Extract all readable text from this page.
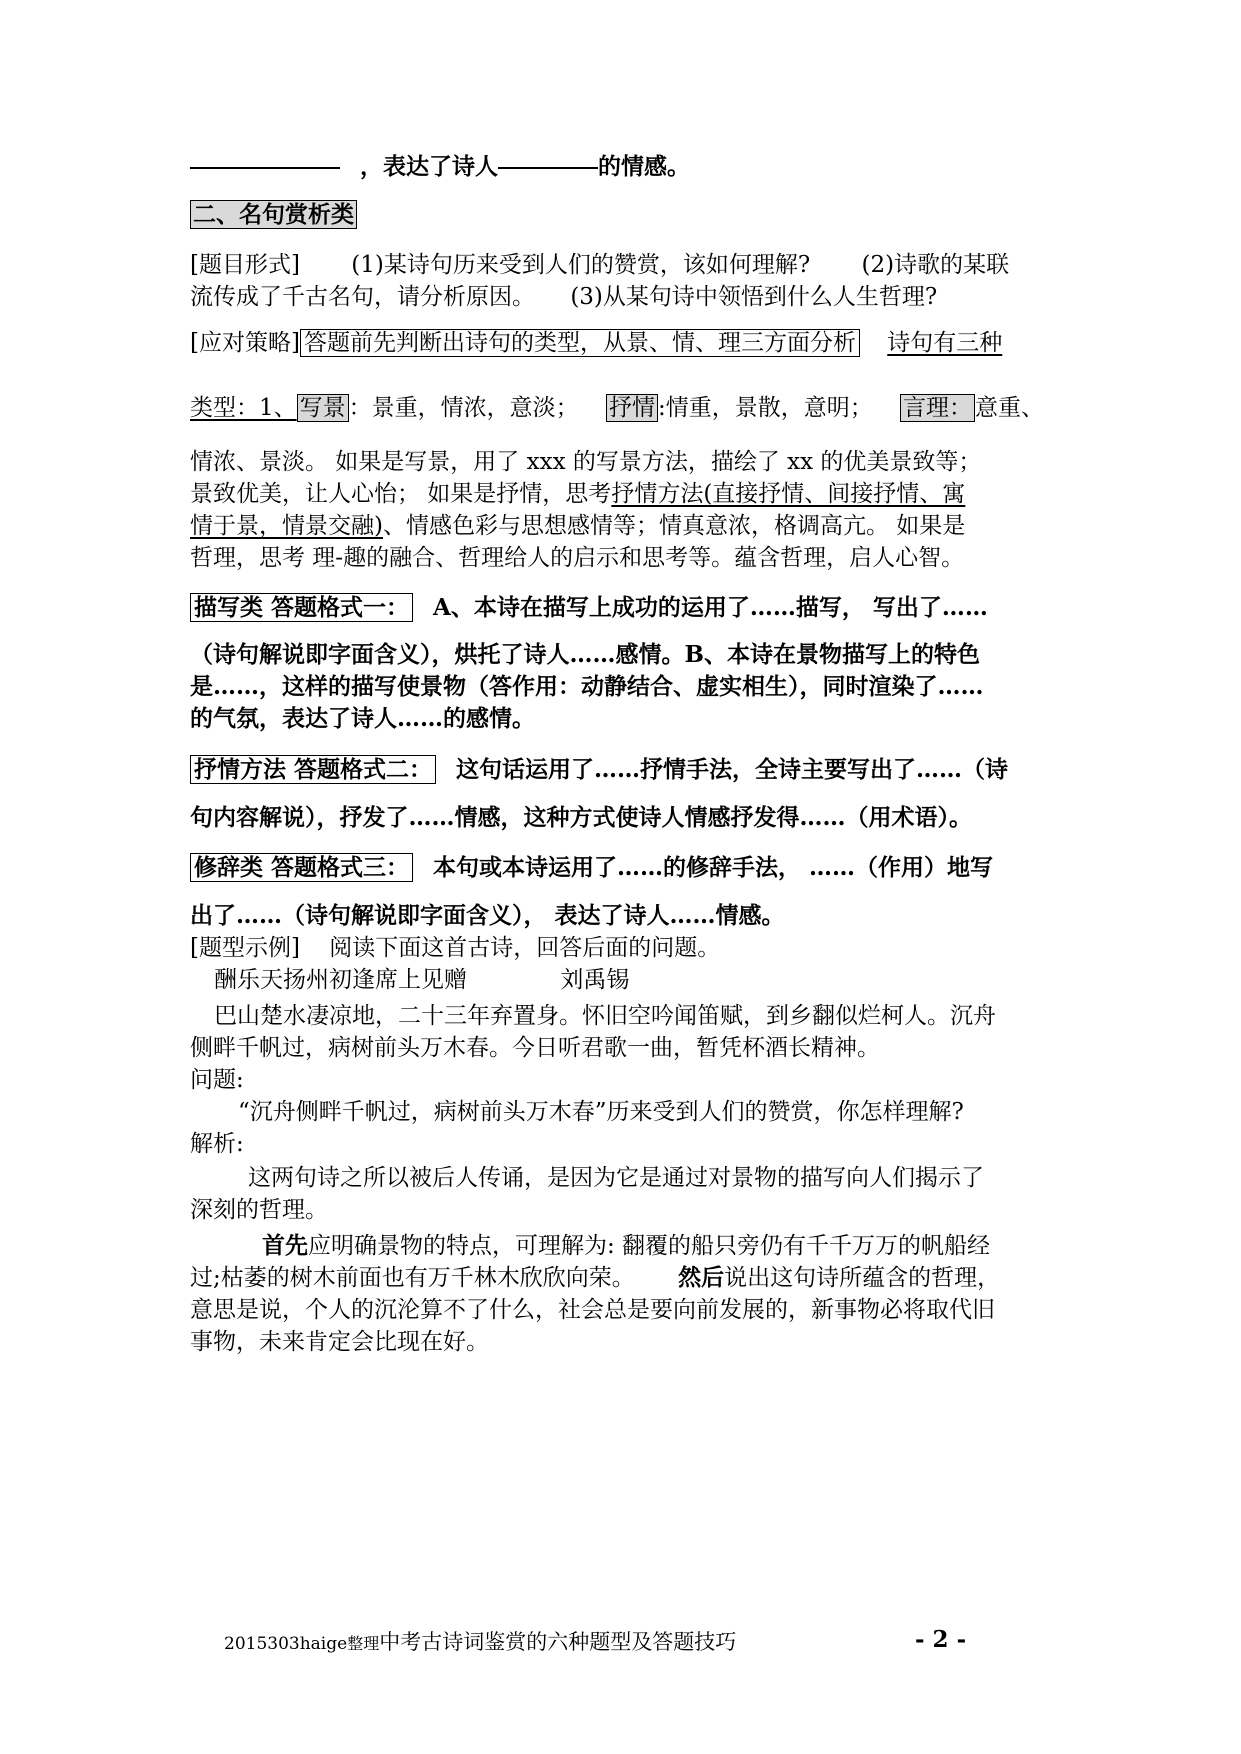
，表达了诗人	的情感。
二、名句赏析类
[题目形式] (1)某诗句历来受到人们的赞赏，该如何理解? (2)诗歌的某联
流传成了千古名句，请分析原因。 (3)从某句诗中领悟到什么人生哲理?
[应对策略] 答题前先判断出诗句的类型，从景、情、理三方面分析 诗句有三种
类型：1、 写景 ：景重，情浓，意淡； 抒情 :情重，景散，意明； 言理： 意重、
情浓、景淡。 如果是写景，用了 xxx 的写景方法，描绘了 xx 的优美景致等；
景致优美，让人心怡； 如果是抒情，思考抒情方法(直接抒情、间接抒情、寓
情于景，情景交融)、情感色彩与思想感情等；情真意浓，格调高亢。 如果是
哲理，思考 理-趣的融合、哲理给人的启示和思考等。蕴含哲理，启人心智。
描写类 答题格式一： A、本诗在描写上成功的运用了……描写， 写出了……
（诗句解说即字面含义），烘托了诗人……感情。B、本诗在景物描写上的特色
是……，这样的描写使景物（答作用：动静结合、虚实相生），同时渲染了……
的气氛，表达了诗人……的感情。
抒情方法 答题格式二： 这句话运用了……抒情手法，全诗主要写出了……（诗
句内容解说），抒发了……情感，这种方式使诗人情感抒发得……（用术语）。
修辞类 答题格式三： 本句或本诗运用了……的修辞手法， ……（作用）地写
出了……（诗句解说即字面含义）， 表达了诗人……情感。
[题型示例] 阅读下面这首古诗，回答后面的问题。
酬乐天扬州初逢席上见赠	刘禹锡
巴山楚水凄凉地，二十三年弃置身。怀旧空吟闻笛赋，到乡翻似烂柯人。沉舟
侧畔千帆过，病树前头万木春。今日听君歌一曲，暂凭杯酒长精神。
问题:
“沉舟侧畔千帆过，病树前头万木春”历来受到人们的赞赏，你怎样理解?
解析:
这两句诗之所以被后人传诵，是因为它是通过对景物的描写向人们揭示了
深刻的哲理。
首先应明确景物的特点，可理解为: 翻覆的船只旁仍有千千万万的帆船经
过;枯萎的树木前面也有万千林木欣欣向荣。 然后说出这句诗所蕴含的哲理，
意思是说，个人的沉沦算不了什么，社会总是要向前发展的，新事物必将取代旧
事物，未来肯定会比现在好。
2015303haige整理中考古诗词鉴赏的六种题型及答题技巧	- 2 -
